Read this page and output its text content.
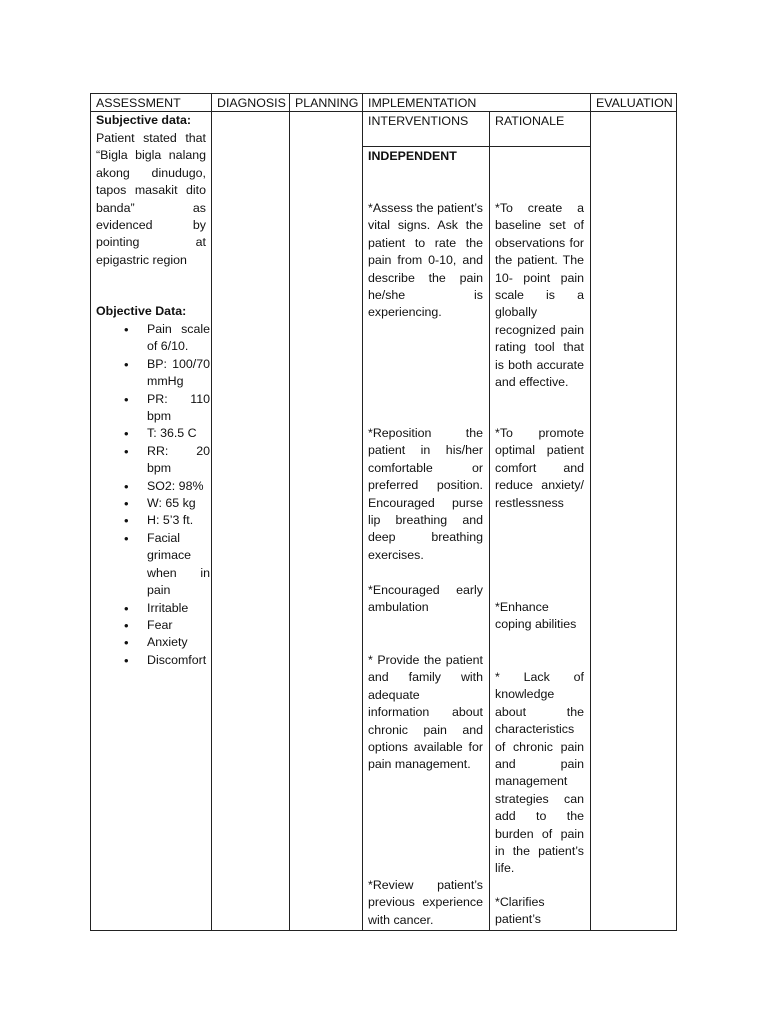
ASSESSMENT	DIAGNOSIS PLANNING IMPLEMENTATION	EVALUATION
INTERVENTIONS RATIONALE
INDEPENDENT
Subjective data:
Patient stated that “Bigla bigla nalang akong dinudugo, tapos masakit dito banda” as evidenced by pointing at epigastric region
Objective Data:
• Pain scale of 6/10.
• BP: 100/70 mmHg
• PR: 110 bpm
• T: 36.5 C
• RR: 20 bpm
• SO2: 98%
• W: 65 kg
• H: 5’3 ft.
• Facial grimace when in pain
• Irritable
• Fear
• Anxiety
• Discomfort
*Assess the patient’s vital signs. Ask the patient to rate the pain from 0-10, and describe the pain he/she is experiencing.
*Reposition the patient in his/her comfortable or preferred position. Encouraged purse lip breathing and deep breathing exercises.
*Encouraged early ambulation
* Provide the patient and family with adequate information about chronic pain and options available for pain management.
*Review patient’s previous experience with cancer.
*To create a baseline set of observations for the patient. The 10- point pain scale is a globally recognized pain rating tool that is both accurate and effective.
*To promote optimal patient comfort and reduce anxiety/ restlessness
*Enhance coping abilities
* Lack of knowledge about the characteristics of chronic pain and pain management strategies can add to the burden of pain in the patient’s life.
*Clarifies patient’s
